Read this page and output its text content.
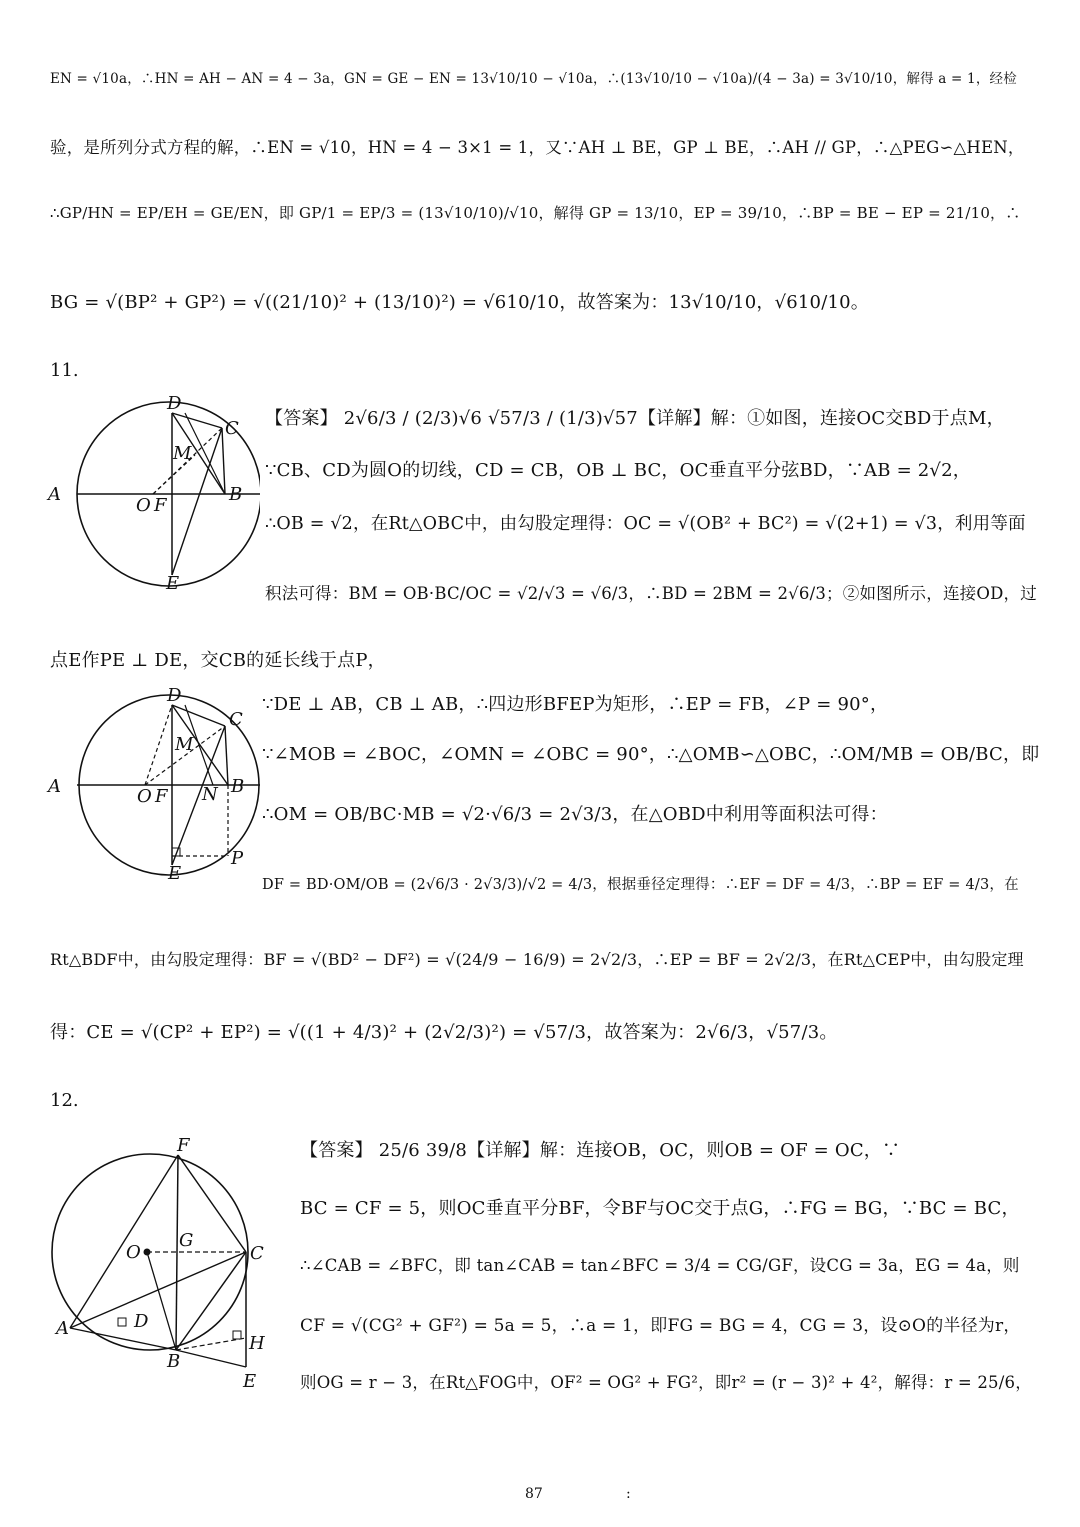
EN = √10a，∴HN = AH − AN = 4 − 3a，GN = GE − EN = 13√10/10 − √10a，∴(13√10/10 − √10a)/(4 − 3a) = 3√10/10，解得 a = 1，经检
验，是所列分式方程的解，∴EN = √10，HN = 4 − 3×1 = 1，又∵AH ⊥ BE，GP ⊥ BE，∴AH // GP，∴△PEG∽△HEN，
∴GP/HN = EP/EH = GE/EN，即 GP/1 = EP/3 = (13√10/10)/√10，解得 GP = 13/10，EP = 39/10，∴BP = BE − EP = 21/10，∴
BG = √(BP² + GP²) = √((21/10)² + (13/10)²) = √610/10，故答案为：13√10/10，√610/10。
11.
D
C
M
A
O F
B
E
【答案】 2√6/3 / (2/3)√6 √57/3 / (1/3)√57【详解】解：①如图，连接OC交BD于点M，
∵CB、CD为圆O的切线，CD = CB，OB ⊥ BC，OC垂直平分弦BD，∵AB = 2√2，
∴OB = √2，在Rt△OBC中，由勾股定理得：OC = √(OB² + BC²) = √(2+1) = √3，利用等面
积法可得：BM = OB·BC/OC = √2/√3 = √6/3，∴BD = 2BM = 2√6/3；②如图所示，连接OD，过
点E作PE ⊥ DE，交CB的延长线于点P，
D
C
M
A	O F N B
E
P
∵DE ⊥ AB，CB ⊥ AB，∴四边形BFEP为矩形，∴EP = FB，∠P = 90°，
∵∠MOB = ∠BOC，∠OMN = ∠OBC = 90°，∴△OMB∽△OBC，∴OM/MB = OB/BC，即
∴OM = OB/BC·MB = √2·√6/3 = 2√3/3，在△OBD中利用等面积法可得：
DF = BD·OM/OB = (2√6/3 · 2√3/3)/√2 = 4/3，根据垂径定理得：∴EF = DF = 4/3，∴BP = EF = 4/3，在
Rt△BDF中，由勾股定理得：BF = √(BD² − DF²) = √(24/9 − 16/9) = 2√2/3，∴EP = BF = 2√2/3，在Rt△CEP中，由勾股定理
得：CE = √(CP² + EP²) = √((1 + 4/3)² + (2√2/3)²) = √57/3，故答案为：2√6/3，√57/3。
12.
F
O
G
C
A	D
B
H
E
【答案】 25/6 39/8【详解】解：连接OB，OC，则OB = OF = OC，∵
BC = CF = 5，则OC垂直平分BF，令BF与OC交于点G，∴FG = BG，∵BC = BC，
∴∠CAB = ∠BFC，即 tan∠CAB = tan∠BFC = 3/4 = CG/GF，设CG = 3a，EG = 4a，则
CF = √(CG² + GF²) = 5a = 5，∴a = 1，即FG = BG = 4，CG = 3，设⊙O的半径为r，
则OG = r − 3，在Rt△FOG中，OF² = OG² + FG²，即r² = (r − 3)² + 4²，解得：r = 25/6，
87	:
